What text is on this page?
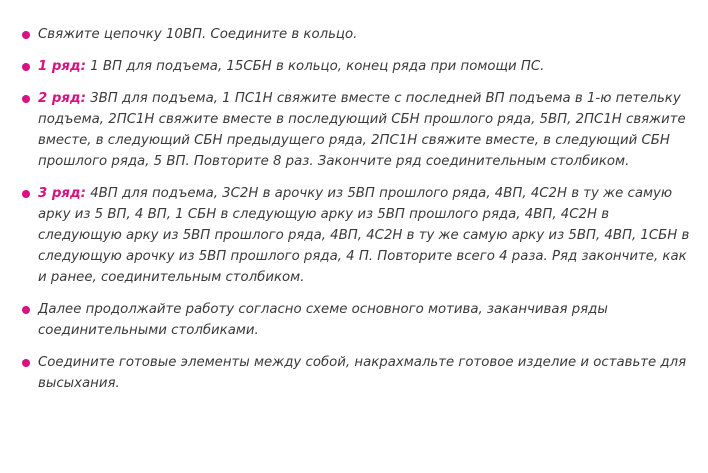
Свяжите цепочку 10ВП. Соедините в кольцо.
1 ряд: 1 ВП для подъема, 15СБН в кольцо, конец ряда при помощи ПС.
2 ряд: 3ВП для подъема, 1 ПС1Н свяжите вместе с последней ВП подъема в 1-ю петельку подъема, 2ПС1Н свяжите вместе в последующий СБН прошлого ряда, 5ВП, 2ПС1Н свяжите вместе, в следующий СБН предыдущего ряда, 2ПС1Н свяжите вместе, в следующий СБН прошлого ряда, 5 ВП. Повторите 8 раз. Закончите ряд соединительным столбиком.
3 ряд: 4ВП для подъема, 3С2Н в арочку из 5ВП прошлого ряда, 4ВП, 4С2Н в ту же самую арку из 5 ВП, 4 ВП, 1 СБН в следующую арку из 5ВП прошлого ряда, 4ВП, 4С2Н в следующую арку из 5ВП прошлого ряда, 4ВП, 4С2Н в ту же самую арку из 5ВП, 4ВП, 1СБН в следующую арочку из 5ВП прошлого ряда, 4 П. Повторите всего 4 раза. Ряд закончите, как и ранее, соединительным столбиком.
Далее продолжайте работу согласно схеме основного мотива, заканчивая ряды соединительными столбиками.
Соедините готовые элементы между собой, накрахмальте готовое изделие и оставьте для высыхания.
